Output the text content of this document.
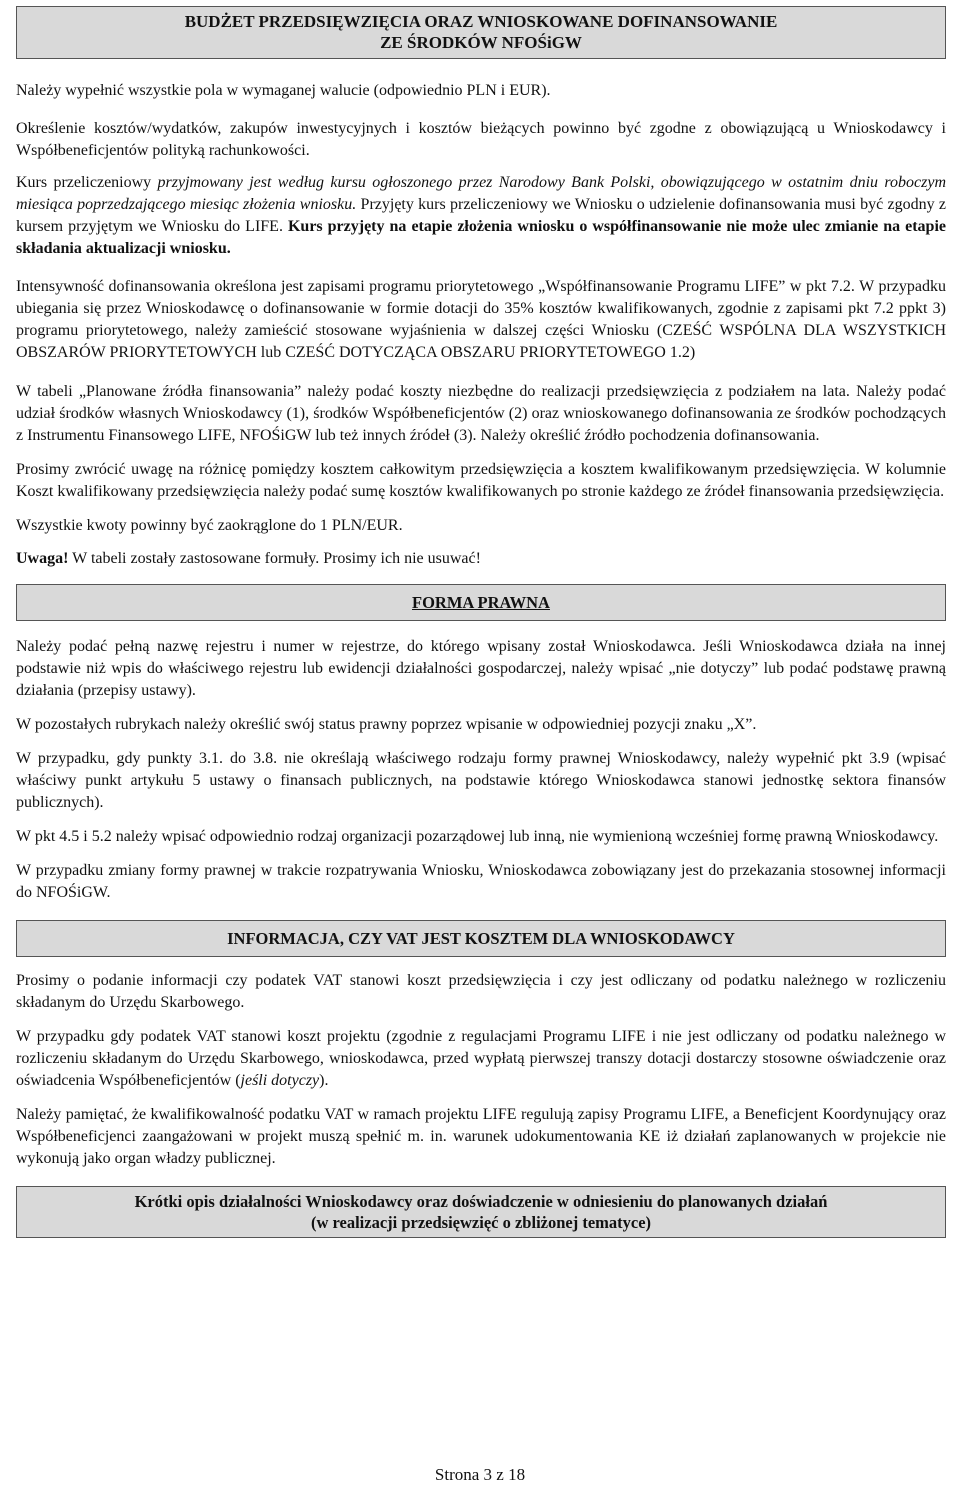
BUDŻET PRZEDSIĘWZIĘCIA ORAZ WNIOSKOWANE DOFINANSOWANIE
ZE ŚRODKÓW NFOŚiGW

Należy wypełnić wszystkie pola w wymaganej walucie (odpowiednio PLN i EUR).

Określenie kosztów/wydatków, zakupów inwestycyjnych i kosztów bieżących powinno być zgodne z obowiązującą u Wnioskodawcy i Współbeneficjentów polityką rachunkowości.

Kurs przeliczeniowy przyjmowany jest według kursu ogłoszonego przez Narodowy Bank Polski, obowiązującego w ostatnim dniu roboczym miesiąca poprzedzającego miesiąc złożenia wniosku. Przyjęty kurs przeliczeniowy we Wniosku o udzielenie dofinansowania musi być zgodny z kursem przyjętym we Wniosku do LIFE. Kurs przyjęty na etapie złożenia wniosku o współfinansowanie nie może ulec zmianie na etapie składania aktualizacji wniosku.

Intensywność dofinansowania określona jest zapisami programu priorytetowego „Współfinansowanie Programu LIFE” w pkt 7.2. W przypadku ubiegania się przez Wnioskodawcę o dofinansowanie w formie dotacji do 35% kosztów kwalifikowanych, zgodnie z zapisami pkt 7.2 ppkt 3) programu priorytetowego, należy zamieścić stosowane wyjaśnienia w dalszej części Wniosku (CZEŚĆ WSPÓLNA DLA WSZYSTKICH OBSZARÓW PRIORYTETOWYCH lub CZEŚĆ DOTYCZĄCA OBSZARU PRIORYTETOWEGO 1.2)

W tabeli „Planowane źródła finansowania” należy podać koszty niezbędne do realizacji przedsięwzięcia z podziałem na lata. Należy podać udział środków własnych Wnioskodawcy (1), środków Współbeneficjentów (2) oraz wnioskowanego dofinansowania ze środków pochodzących z Instrumentu Finansowego LIFE, NFOŚiGW lub też innych źródeł (3). Należy określić źródło pochodzenia dofinansowania.

Prosimy zwrócić uwagę na różnicę pomiędzy kosztem całkowitym przedsięwzięcia a kosztem kwalifikowanym przedsięwzięcia. W kolumnie Koszt kwalifikowany przedsięwzięcia należy podać sumę kosztów kwalifikowanych po stronie każdego ze źródeł finansowania przedsięwzięcia.

Wszystkie kwoty powinny być zaokrąglone do 1 PLN/EUR.

Uwaga! W tabeli zostały zastosowane formuły. Prosimy ich nie usuwać!

FORMA PRAWNA

Należy podać pełną nazwę rejestru i numer w rejestrze, do którego wpisany został Wnioskodawca. Jeśli Wnioskodawca działa na innej podstawie niż wpis do właściwego rejestru lub ewidencji działalności gospodarczej, należy wpisać „nie dotyczy” lub podać podstawę prawną działania (przepisy ustawy).

W pozostałych rubrykach należy określić swój status prawny poprzez wpisanie w odpowiedniej pozycji znaku „X”.

W przypadku, gdy punkty 3.1. do 3.8. nie określają właściwego rodzaju formy prawnej Wnioskodawcy, należy wypełnić pkt 3.9 (wpisać właściwy punkt artykułu 5 ustawy o finansach publicznych, na podstawie którego Wnioskodawca stanowi jednostkę sektora finansów publicznych).

W pkt 4.5 i 5.2 należy wpisać odpowiednio rodzaj organizacji pozarządowej lub inną, nie wymienioną wcześniej formę prawną Wnioskodawcy.

W przypadku zmiany formy prawnej w trakcie rozpatrywania Wniosku, Wnioskodawca zobowiązany jest do przekazania stosownej informacji do NFOŚiGW.

INFORMACJA, CZY VAT JEST KOSZTEM DLA WNIOSKODAWCY

Prosimy o podanie informacji czy podatek VAT stanowi koszt przedsięwzięcia i czy jest odliczany od podatku należnego w rozliczeniu składanym do Urzędu Skarbowego.

W przypadku gdy podatek VAT stanowi koszt projektu (zgodnie z regulacjami Programu LIFE i nie jest odliczany od podatku należnego w rozliczeniu składanym do Urzędu Skarbowego, wnioskodawca, przed wypłatą pierwszej transzy dotacji dostarczy stosowne oświadczenie oraz oświadcenia Współbeneficjentów (jeśli dotyczy).

Należy pamiętać, że kwalifikowalność podatku VAT w ramach projektu LIFE regulują zapisy Programu LIFE, a Beneficjent Koordynujący oraz Współbeneficjenci zaangażowani w projekt muszą spełnić m. in. warunek udokumentowania KE iż działań zaplanowanych w projekcie nie wykonują jako organ władzy publicznej.

Krótki opis działalności Wnioskodawcy oraz doświadczenie w odniesieniu do planowanych działań
(w realizacji przedsięwzięć o zbliżonej tematyce)
Strona 3 z 18
